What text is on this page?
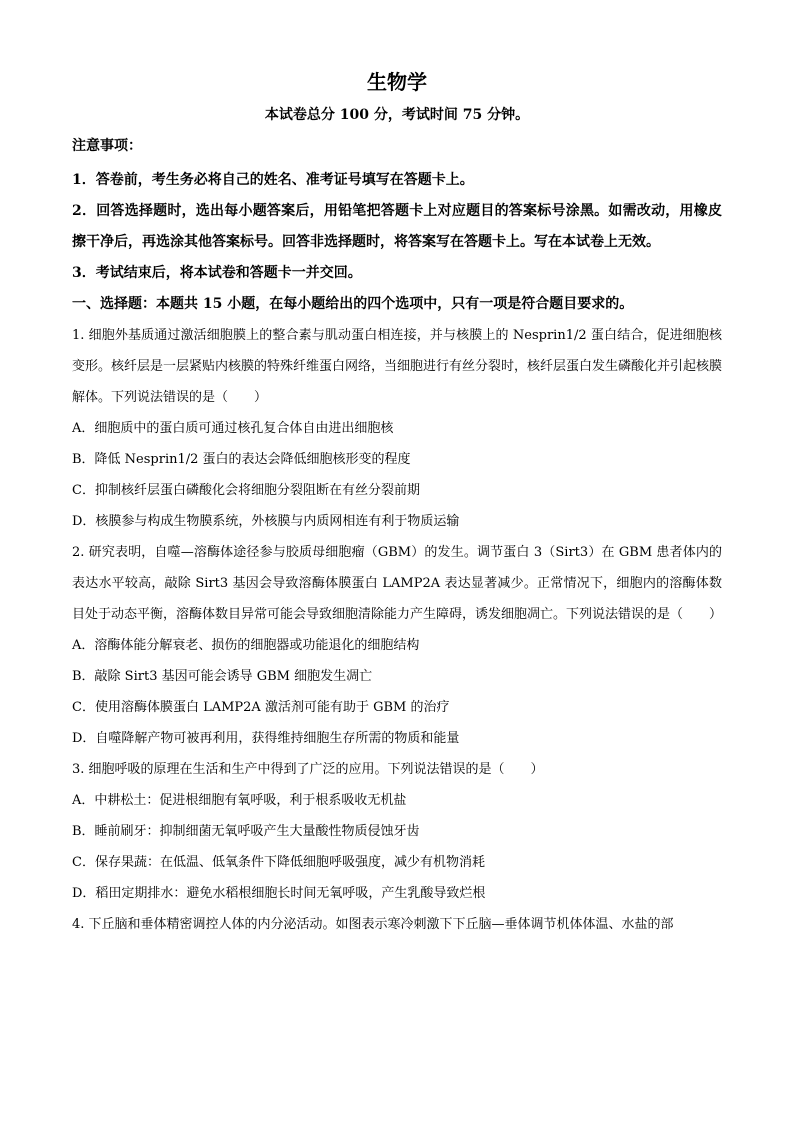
生物学
本试卷总分 100 分，考试时间 75 分钟。
注意事项：

1．答卷前，考生务必将自己的姓名、准考证号填写在答题卡上。

2．回答选择题时，选出每小题答案后，用铅笔把答题卡上对应题目的答案标号涂黑。如需改动，用橡皮擦干净后，再选涂其他答案标号。回答非选择题时，将答案写在答题卡上。写在本试卷上无效。

3．考试结束后，将本试卷和答题卡一并交回。

一、选择题：本题共 15 小题，在每小题给出的四个选项中，只有一项是符合题目要求的。

1. 细胞外基质通过激活细胞膜上的整合素与肌动蛋白相连接，并与核膜上的 Nesprin1/2 蛋白结合，促进细胞核变形。核纤层是一层紧贴内核膜的特殊纤维蛋白网络，当细胞进行有丝分裂时，核纤层蛋白发生磷酸化并引起核膜解体。下列说法错误的是（　　）

A．细胞质中的蛋白质可通过核孔复合体自由进出细胞核

B．降低 Nesprin1/2 蛋白的表达会降低细胞核形变的程度

C．抑制核纤层蛋白磷酸化会将细胞分裂阻断在有丝分裂前期

D．核膜参与构成生物膜系统，外核膜与内质网相连有利于物质运输

2. 研究表明，自噬—溶酶体途径参与胶质母细胞瘤（GBM）的发生。调节蛋白 3（Sirt3）在 GBM 患者体内的表达水平较高，敲除 Sirt3 基因会导致溶酶体膜蛋白 LAMP2A 表达显著减少。正常情况下，细胞内的溶酶体数目处于动态平衡，溶酶体数目异常可能会导致细胞清除能力产生障碍，诱发细胞凋亡。下列说法错误的是（　　）

A．溶酶体能分解衰老、损伤的细胞器或功能退化的细胞结构

B．敲除 Sirt3 基因可能会诱导 GBM 细胞发生凋亡

C．使用溶酶体膜蛋白 LAMP2A 激活剂可能有助于 GBM 的治疗

D．自噬降解产物可被再利用，获得维持细胞生存所需的物质和能量

3. 细胞呼吸的原理在生活和生产中得到了广泛的应用。下列说法错误的是（　　）

A．中耕松土：促进根细胞有氧呼吸，利于根系吸收无机盐

B．睡前刷牙：抑制细菌无氧呼吸产生大量酸性物质侵蚀牙齿

C．保存果蔬：在低温、低氧条件下降低细胞呼吸强度，减少有机物消耗

D．稻田定期排水：避免水稻根细胞长时间无氧呼吸，产生乳酸导致烂根

4. 下丘脑和垂体精密调控人体的内分泌活动。如图表示寒冷刺激下下丘脑—垂体调节机体体温、水盐的部
